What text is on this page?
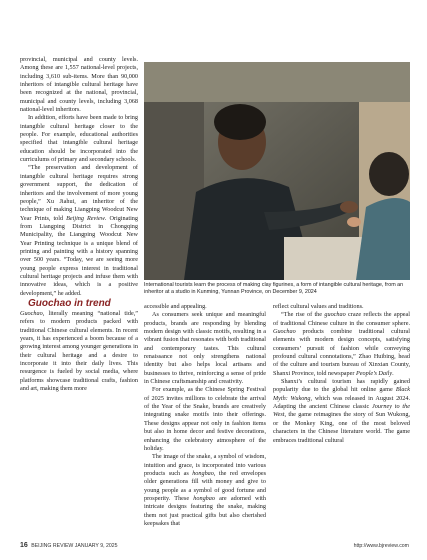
provincial, municipal and county levels. Among these are 1,557 national-level projects, including 3,610 sub-items. More than 90,000 inheritors of intangible cultural heritage have been recognized at the national, provincial, municipal and county levels, including 3,068 national-level inheritors.

In addition, efforts have been made to bring intangible cultural heritage closer to the people. For example, educational authorities specified that intangible cultural heritage education should be incorporated into the curriculums of primary and secondary schools.

“The preservation and development of intangible cultural heritage requires strong government support, the dedication of inheritors and the involvement of more young people,” Xu Jiahui, an inheritor of the technique of making Liangping Woodcut New Year Prints, told Beijing Review. Originating from Liangping District in Chongqing Municipality, the Liangping Woodcut New Year Printing technique is a unique blend of printing and painting with a history spanning over 500 years. “Today, we are seeing more young people express interest in traditional cultural heritage projects and infuse them with innovative ideas, which is a positive development,” he added.

Guochao in trend

Guochao, literally meaning “national tide,” refers to modern products packed with traditional Chinese cultural elements. In recent years, it has experienced a boom because of a growing interest among younger generations in their cultural heritage and a desire to incorporate it into their daily lives. This resurgence is fueled by social media, where platforms showcase traditional crafts, fashion and art, making them more

International tourists learn the process of making clay figurines, a form of intangible cultural heritage, from an inheritor at a studio in Kunming, Yunnan Province, on December 9, 2024

accessible and appealing.

As consumers seek unique and meaningful products, brands are responding by blending modern design with classic motifs, resulting in a vibrant fusion that resonates with both traditional and contemporary tastes. This cultural renaissance not only strengthens national identity but also helps local artisans and businesses to thrive, reinforcing a sense of pride in Chinese craftsmanship and creativity.

For example, as the Chinese Spring Festival of 2025 invites millions to celebrate the arrival of the Year of the Snake, brands are creatively integrating snake motifs into their offerings. These designs appear not only in fashion items but also in home decor and festive decorations, enhancing the celebratory atmosphere of the holiday.

The image of the snake, a symbol of wisdom, intuition and grace, is incorporated into various products such as hongbao, the red envelopes older generations fill with money and give to young people as a symbol of good fortune and prosperity. These hongbao are adorned with intricate designs featuring the snake, making them not just practical gifts but also cherished keepsakes that

reflect cultural values and traditions.

“The rise of the guochao craze reflects the appeal of traditional Chinese culture in the consumer sphere. Guochao products combine traditional cultural elements with modern design concepts, satisfying consumers’ pursuit of fashion while conveying profound cultural connotations,” Zhao Huibing, head of the culture and tourism bureau of Xinxian County, Shanxi Province, told newspaper People’s Daily.

Shanxi’s cultural tourism has rapidly gained popularity due to the global hit online game Black Myth: Wukong, which was released in August 2024. Adapting the ancient Chinese classic Journey to the West, the game reimagines the story of Sun Wukong, or the Monkey King, one of the most beloved characters in the Chinese literature world. The game embraces traditional cultural

16 BEIJING REVIEW JANUARY 9, 2025	http://www.bjreview.com
